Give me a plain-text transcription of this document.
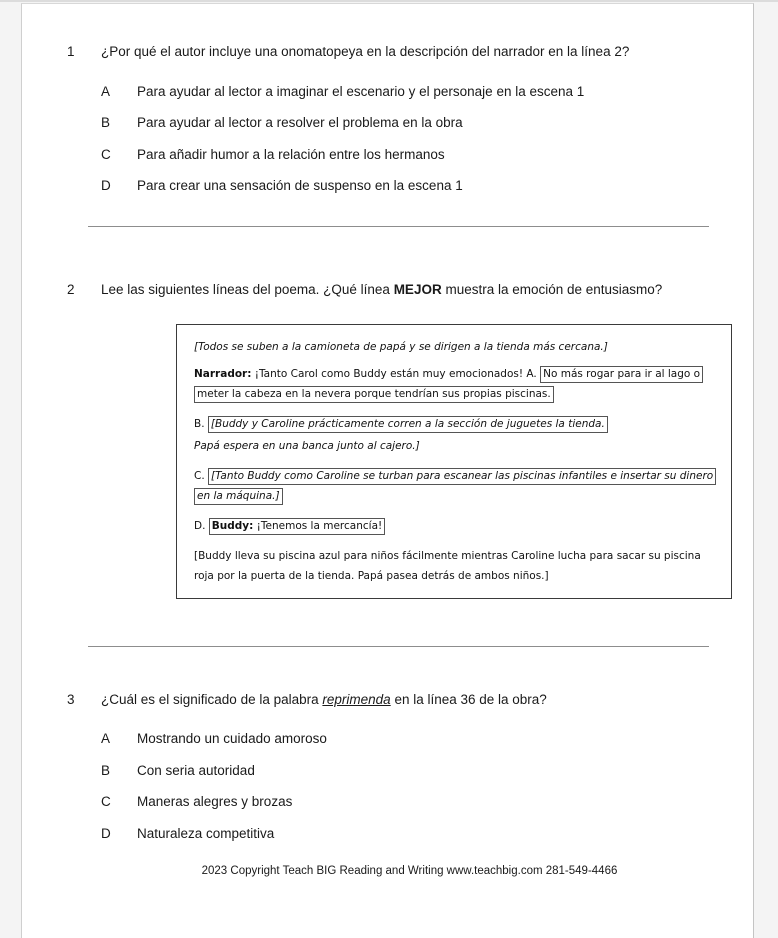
1	¿Por qué el autor incluye una onomatopeya en la descripción del narrador en la línea 2?
A	Para ayudar al lector a imaginar el escenario y el personaje en la escena 1
B	Para ayudar al lector a resolver el problema en la obra
C	Para añadir humor a la relación entre los hermanos
D	Para crear una sensación de suspenso en la escena 1
2	Lee las siguientes líneas del poema. ¿Qué línea MEJOR muestra la emoción de entusiasmo?
[Todos se suben a la camioneta de papá y se dirigen a la tienda más cercana.]
Narrador: ¡Tanto Carol como Buddy están muy emocionados! A. No más rogar para ir al lago o meter la cabeza en la nevera porque tendrían sus propias piscinas.
B. [Buddy y Caroline prácticamente corren a la sección de juguetes la tienda.
Papá espera en una banca junto al cajero.]
C. [Tanto Buddy como Caroline se turban para escanear las piscinas infantiles e insertar su dinero en la máquina.]
D. Buddy: ¡Tenemos la mercancía!
[Buddy lleva su piscina azul para niños fácilmente mientras Caroline lucha para sacar su piscina roja por la puerta de la tienda. Papá pasea detrás de ambos niños.]
3	¿Cuál es el significado de la palabra reprimenda en la línea 36 de la obra?
A	Mostrando un cuidado amoroso
B	Con seria autoridad
C	Maneras alegres y brozas
D	Naturaleza competitiva
2023 Copyright Teach BIG Reading and Writing www.teachbig.com 281-549-4466
